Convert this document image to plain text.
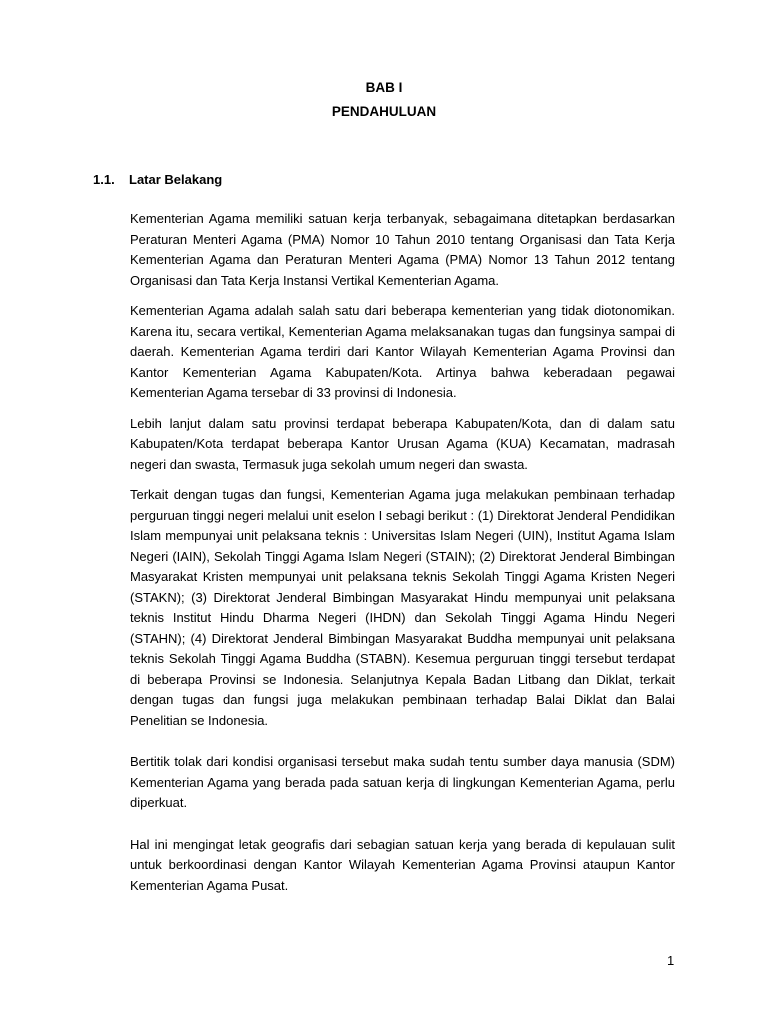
BAB I
PENDAHULUAN
1.1. Latar Belakang

Kementerian Agama memiliki satuan kerja terbanyak, sebagaimana ditetapkan berdasarkan Peraturan Menteri Agama (PMA) Nomor 10 Tahun 2010 tentang Organisasi dan Tata Kerja Kementerian Agama dan Peraturan Menteri Agama (PMA) Nomor 13 Tahun 2012 tentang Organisasi dan Tata Kerja Instansi Vertikal Kementerian Agama.

Kementerian Agama adalah salah satu dari beberapa kementerian yang tidak diotonomikan. Karena itu, secara vertikal, Kementerian Agama melaksanakan tugas dan fungsinya sampai di daerah. Kementerian Agama terdiri dari Kantor Wilayah Kementerian Agama Provinsi dan Kantor Kementerian Agama Kabupaten/Kota. Artinya bahwa keberadaan pegawai Kementerian Agama tersebar di 33 provinsi di Indonesia.

Lebih lanjut dalam satu provinsi terdapat beberapa Kabupaten/Kota, dan di dalam satu Kabupaten/Kota terdapat beberapa Kantor Urusan Agama (KUA) Kecamatan, madrasah negeri dan swasta, Termasuk juga sekolah umum negeri dan swasta.

Terkait dengan tugas dan fungsi, Kementerian Agama juga melakukan pembinaan terhadap perguruan tinggi negeri melalui unit eselon I sebagi berikut : (1) Direktorat Jenderal Pendidikan Islam mempunyai unit pelaksana teknis : Universitas Islam Negeri (UIN), Institut Agama Islam Negeri (IAIN), Sekolah Tinggi Agama Islam Negeri (STAIN); (2) Direktorat Jenderal Bimbingan Masyarakat Kristen mempunyai unit pelaksana teknis Sekolah Tinggi Agama Kristen Negeri (STAKN); (3) Direktorat Jenderal Bimbingan Masyarakat Hindu mempunyai unit pelaksana teknis Institut Hindu Dharma Negeri (IHDN) dan Sekolah Tinggi Agama Hindu Negeri (STAHN); (4) Direktorat Jenderal Bimbingan Masyarakat Buddha mempunyai unit pelaksana teknis Sekolah Tinggi Agama Buddha (STABN). Kesemua perguruan tinggi tersebut terdapat di beberapa Provinsi se Indonesia. Selanjutnya Kepala Badan Litbang dan Diklat, terkait dengan tugas dan fungsi juga melakukan pembinaan terhadap Balai Diklat dan Balai Penelitian se Indonesia.

Bertitik tolak dari kondisi organisasi tersebut maka sudah tentu sumber daya manusia (SDM) Kementerian Agama yang berada pada satuan kerja di lingkungan Kementerian Agama, perlu diperkuat.

Hal ini mengingat letak geografis dari sebagian satuan kerja yang berada di kepulauan sulit untuk berkoordinasi dengan Kantor Wilayah Kementerian Agama Provinsi ataupun Kantor Kementerian Agama Pusat.

1
